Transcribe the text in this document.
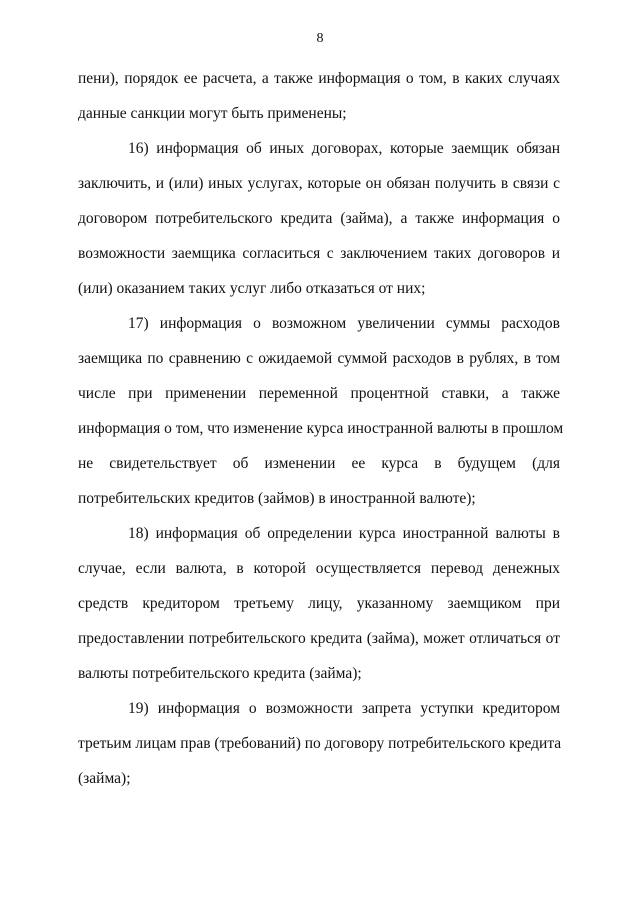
8
пени), порядок ее расчета, а также информация о том, в каких случаях
данные санкции могут быть применены;
16) информация об иных договорах, которые заемщик обязан
заключить, и (или) иных услугах, которые он обязан получить в связи с
договором потребительского кредита (займа), а также информация о
возможности заемщика согласиться с заключением таких договоров и
(или) оказанием таких услуг либо отказаться от них;
17) информация о возможном увеличении суммы расходов
заемщика по сравнению с ожидаемой суммой расходов в рублях, в том
числе при применении переменной процентной ставки, а также
информация о том, что изменение курса иностранной валюты в прошлом
не свидетельствует об изменении ее курса в будущем (для
потребительских кредитов (займов) в иностранной валюте);
18) информация об определении курса иностранной валюты в
случае, если валюта, в которой осуществляется перевод денежных
средств кредитором третьему лицу, указанному заемщиком при
предоставлении потребительского кредита (займа), может отличаться от
валюты потребительского кредита (займа);
19) информация о возможности запрета уступки кредитором
третьим лицам прав (требований) по договору потребительского кредита
(займа);
